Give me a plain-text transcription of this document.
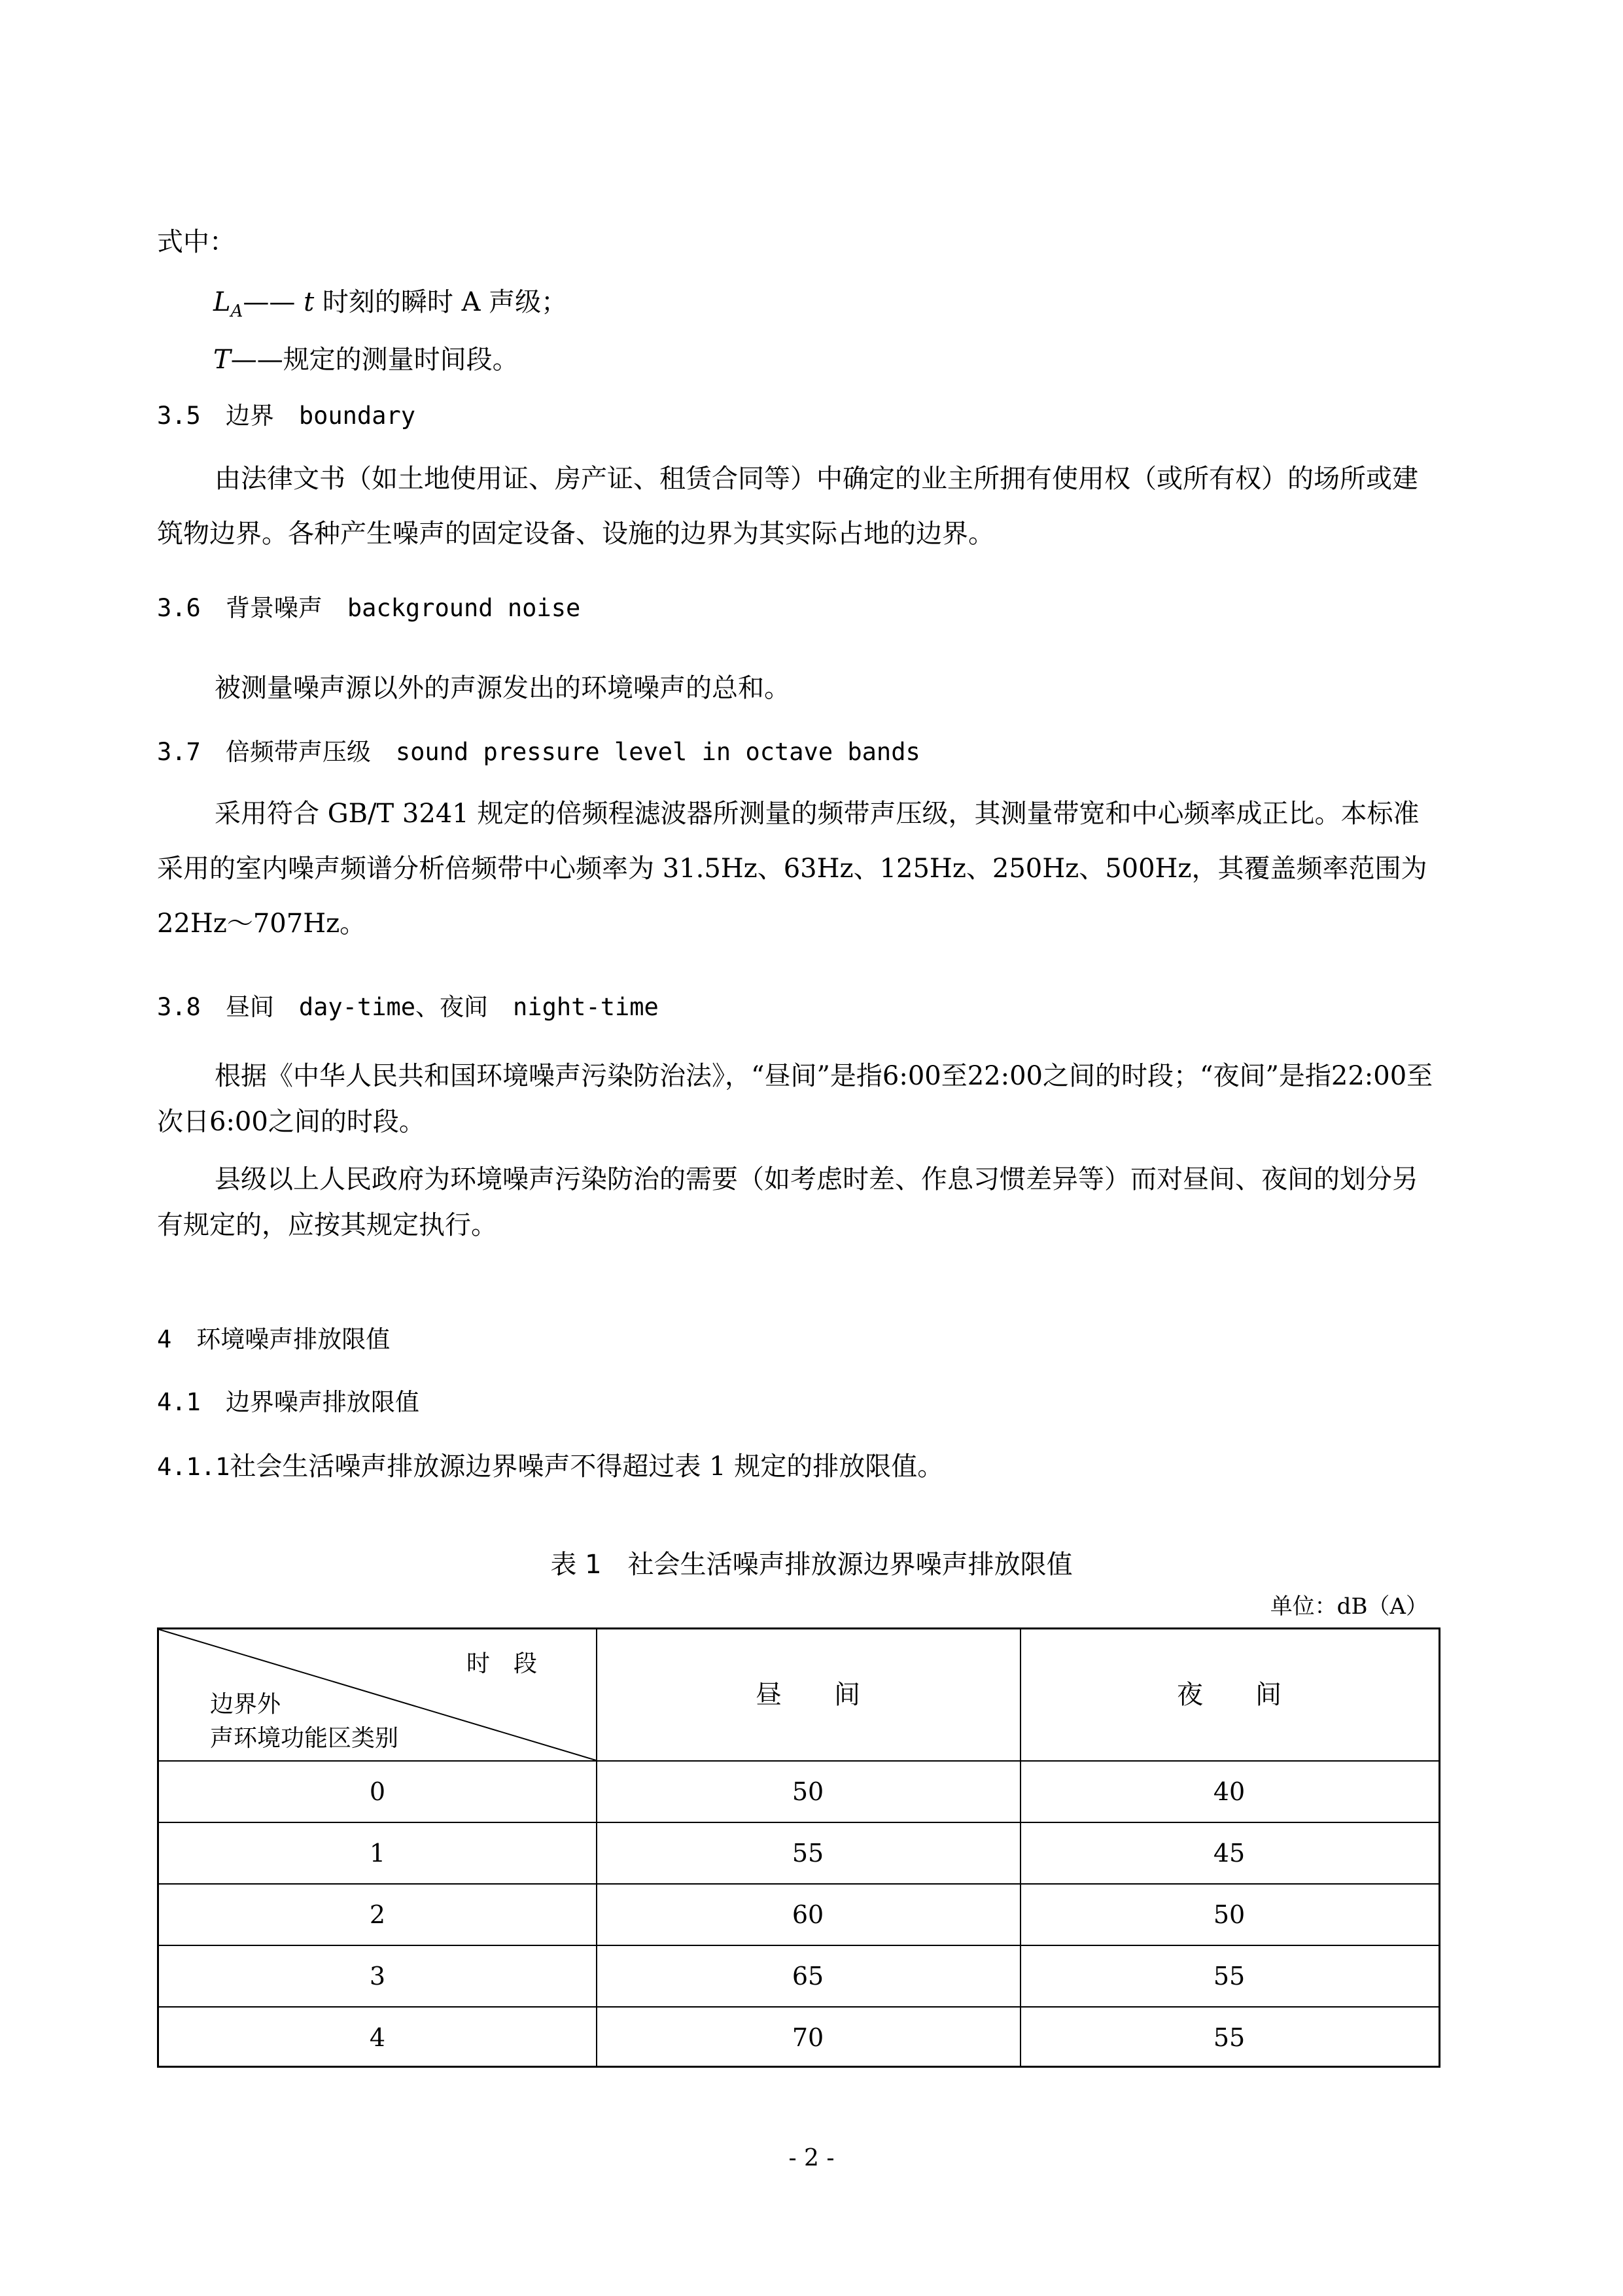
式中：
$L_A——$ t 时刻的瞬时 A 声级；
T——规定的测量时间段。
3.5 边界 boundary
由法律文书（如土地使用证、房产证、租赁合同等）中确定的业主所拥有使用权（或所有权）的场所或建筑物边界。各种产生噪声的固定设备、设施的边界为其实际占地的边界。
3.6 背景噪声 background noise
被测量噪声源以外的声源发出的环境噪声的总和。
3.7 倍频带声压级 sound pressure level in octave bands
采用符合 GB/T 3241 规定的倍频程滤波器所测量的频带声压级，其测量带宽和中心频率成正比。本标准采用的室内噪声频谱分析倍频带中心频率为 31.5Hz、63Hz、125Hz、250Hz、500Hz，其覆盖频率范围为 22Hz～707Hz。
3.8 昼间 day-time、夜间 night-time
根据《中华人民共和国环境噪声污染防治法》，“昼间”是指6:00至22:00之间的时段；“夜间”是指22:00至次日6:00之间的时段。
县级以上人民政府为环境噪声污染防治的需要（如考虑时差、作息习惯差异等）而对昼间、夜间的划分另有规定的，应按其规定执行。
4 环境噪声排放限值
4.1 边界噪声排放限值
4.1.1社会生活噪声排放源边界噪声不得超过表 1 规定的排放限值。
表 1　社会生活噪声排放源边界噪声排放限值
单位：dB（A）
时　段
边界外
声环境功能区类别
昼　　间	夜　　间
0	50	40
1	55	45
2	60	50
3	65	55
4	70	55
- 2 -
